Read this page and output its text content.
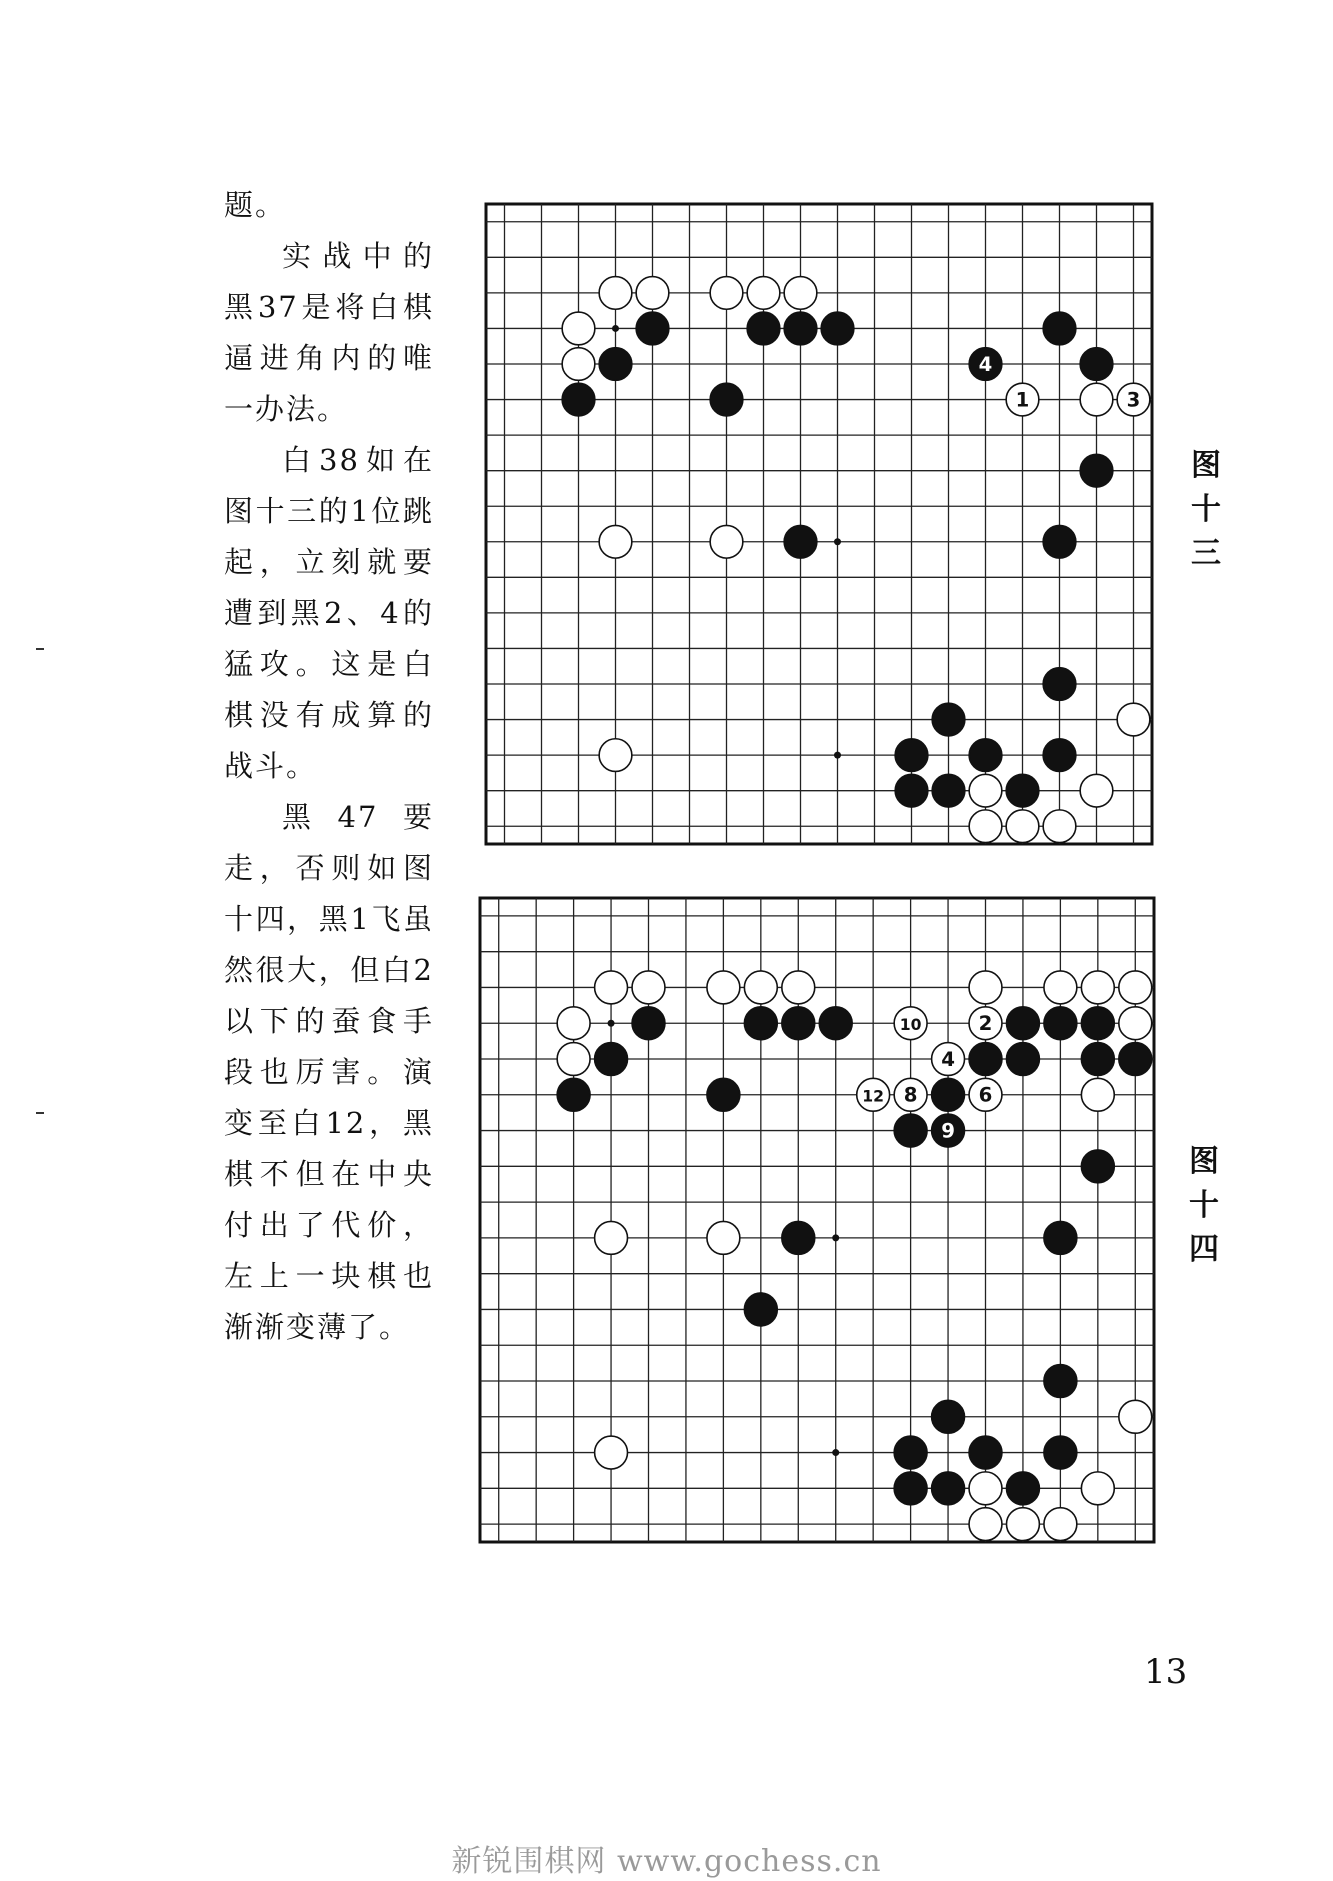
题。

实战中的黑37是将白棋逼进角内的唯一办法。

白38如在图十三的1位跳起，立刻就要遭到黑2、4的猛攻。这是白棋没有成算的战斗。

黑47要走，否则如图十四，黑1飞虽然很大，但白2以下的蚕食手段也厉害。演变至白12，黑棋不但在中央付出了代价，左上一块棋也渐渐变薄了。

4
1	3
图
十
三
10	2
4
12 8	6
9
图
十
四
13
新锐围棋网 www.gochess.cn
